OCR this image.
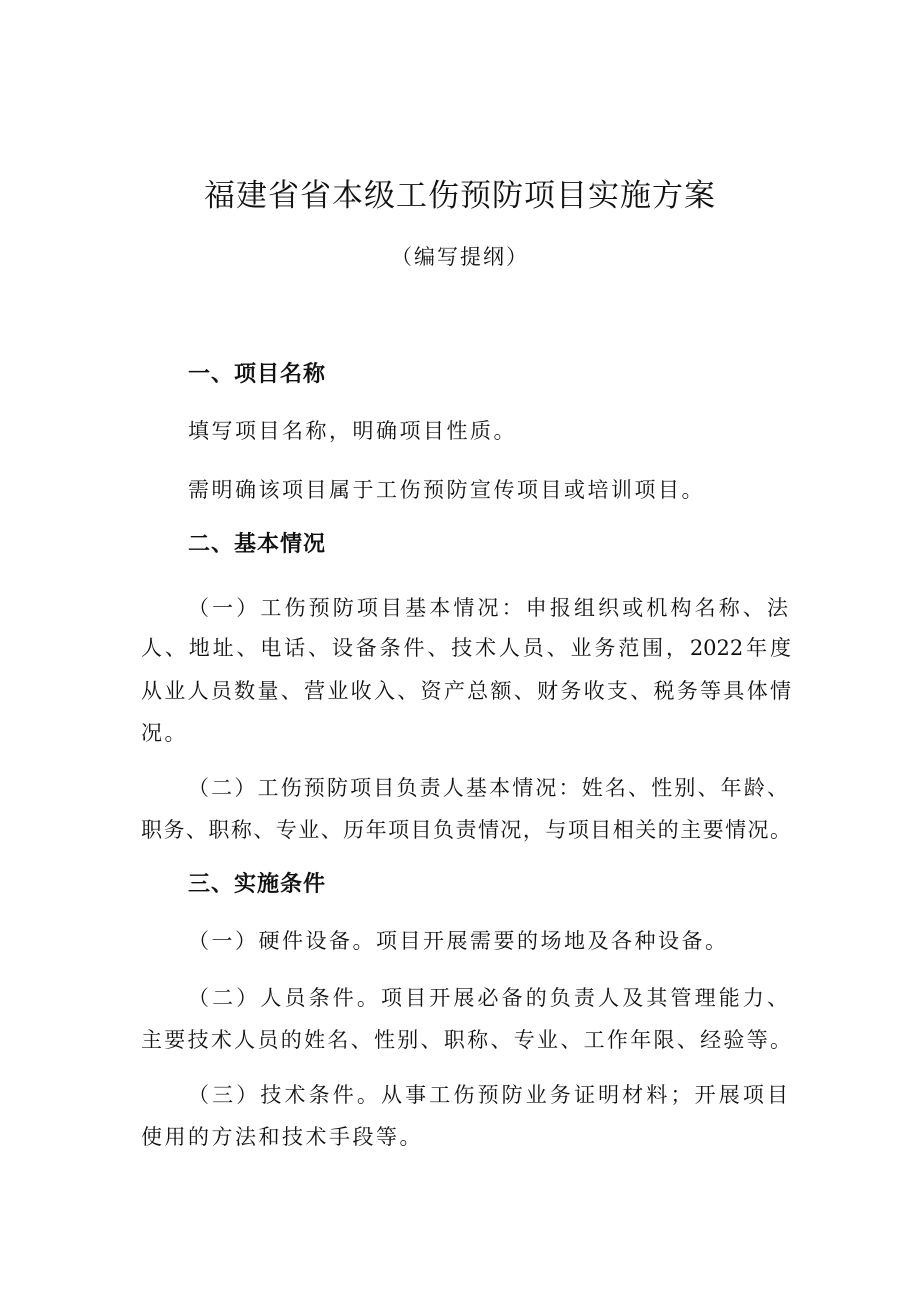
福建省省本级工伤预防项目实施方案
（编写提纲）
一、项目名称
填写项目名称，明确项目性质。
需明确该项目属于工伤预防宣传项目或培训项目。
二、基本情况
（一）工伤预防项目基本情况：申报组织或机构名称、法
人、地址、电话、设备条件、技术人员、业务范围，2022年度
从业人员数量、营业收入、资产总额、财务收支、税务等具体情
况。
（二）工伤预防项目负责人基本情况：姓名、性别、年龄、
职务、职称、专业、历年项目负责情况，与项目相关的主要情况。
三、实施条件
（一）硬件设备。项目开展需要的场地及各种设备。
（二）人员条件。项目开展必备的负责人及其管理能力、
主要技术人员的姓名、性别、职称、专业、工作年限、经验等。
（三）技术条件。从事工伤预防业务证明材料；开展项目
使用的方法和技术手段等。
